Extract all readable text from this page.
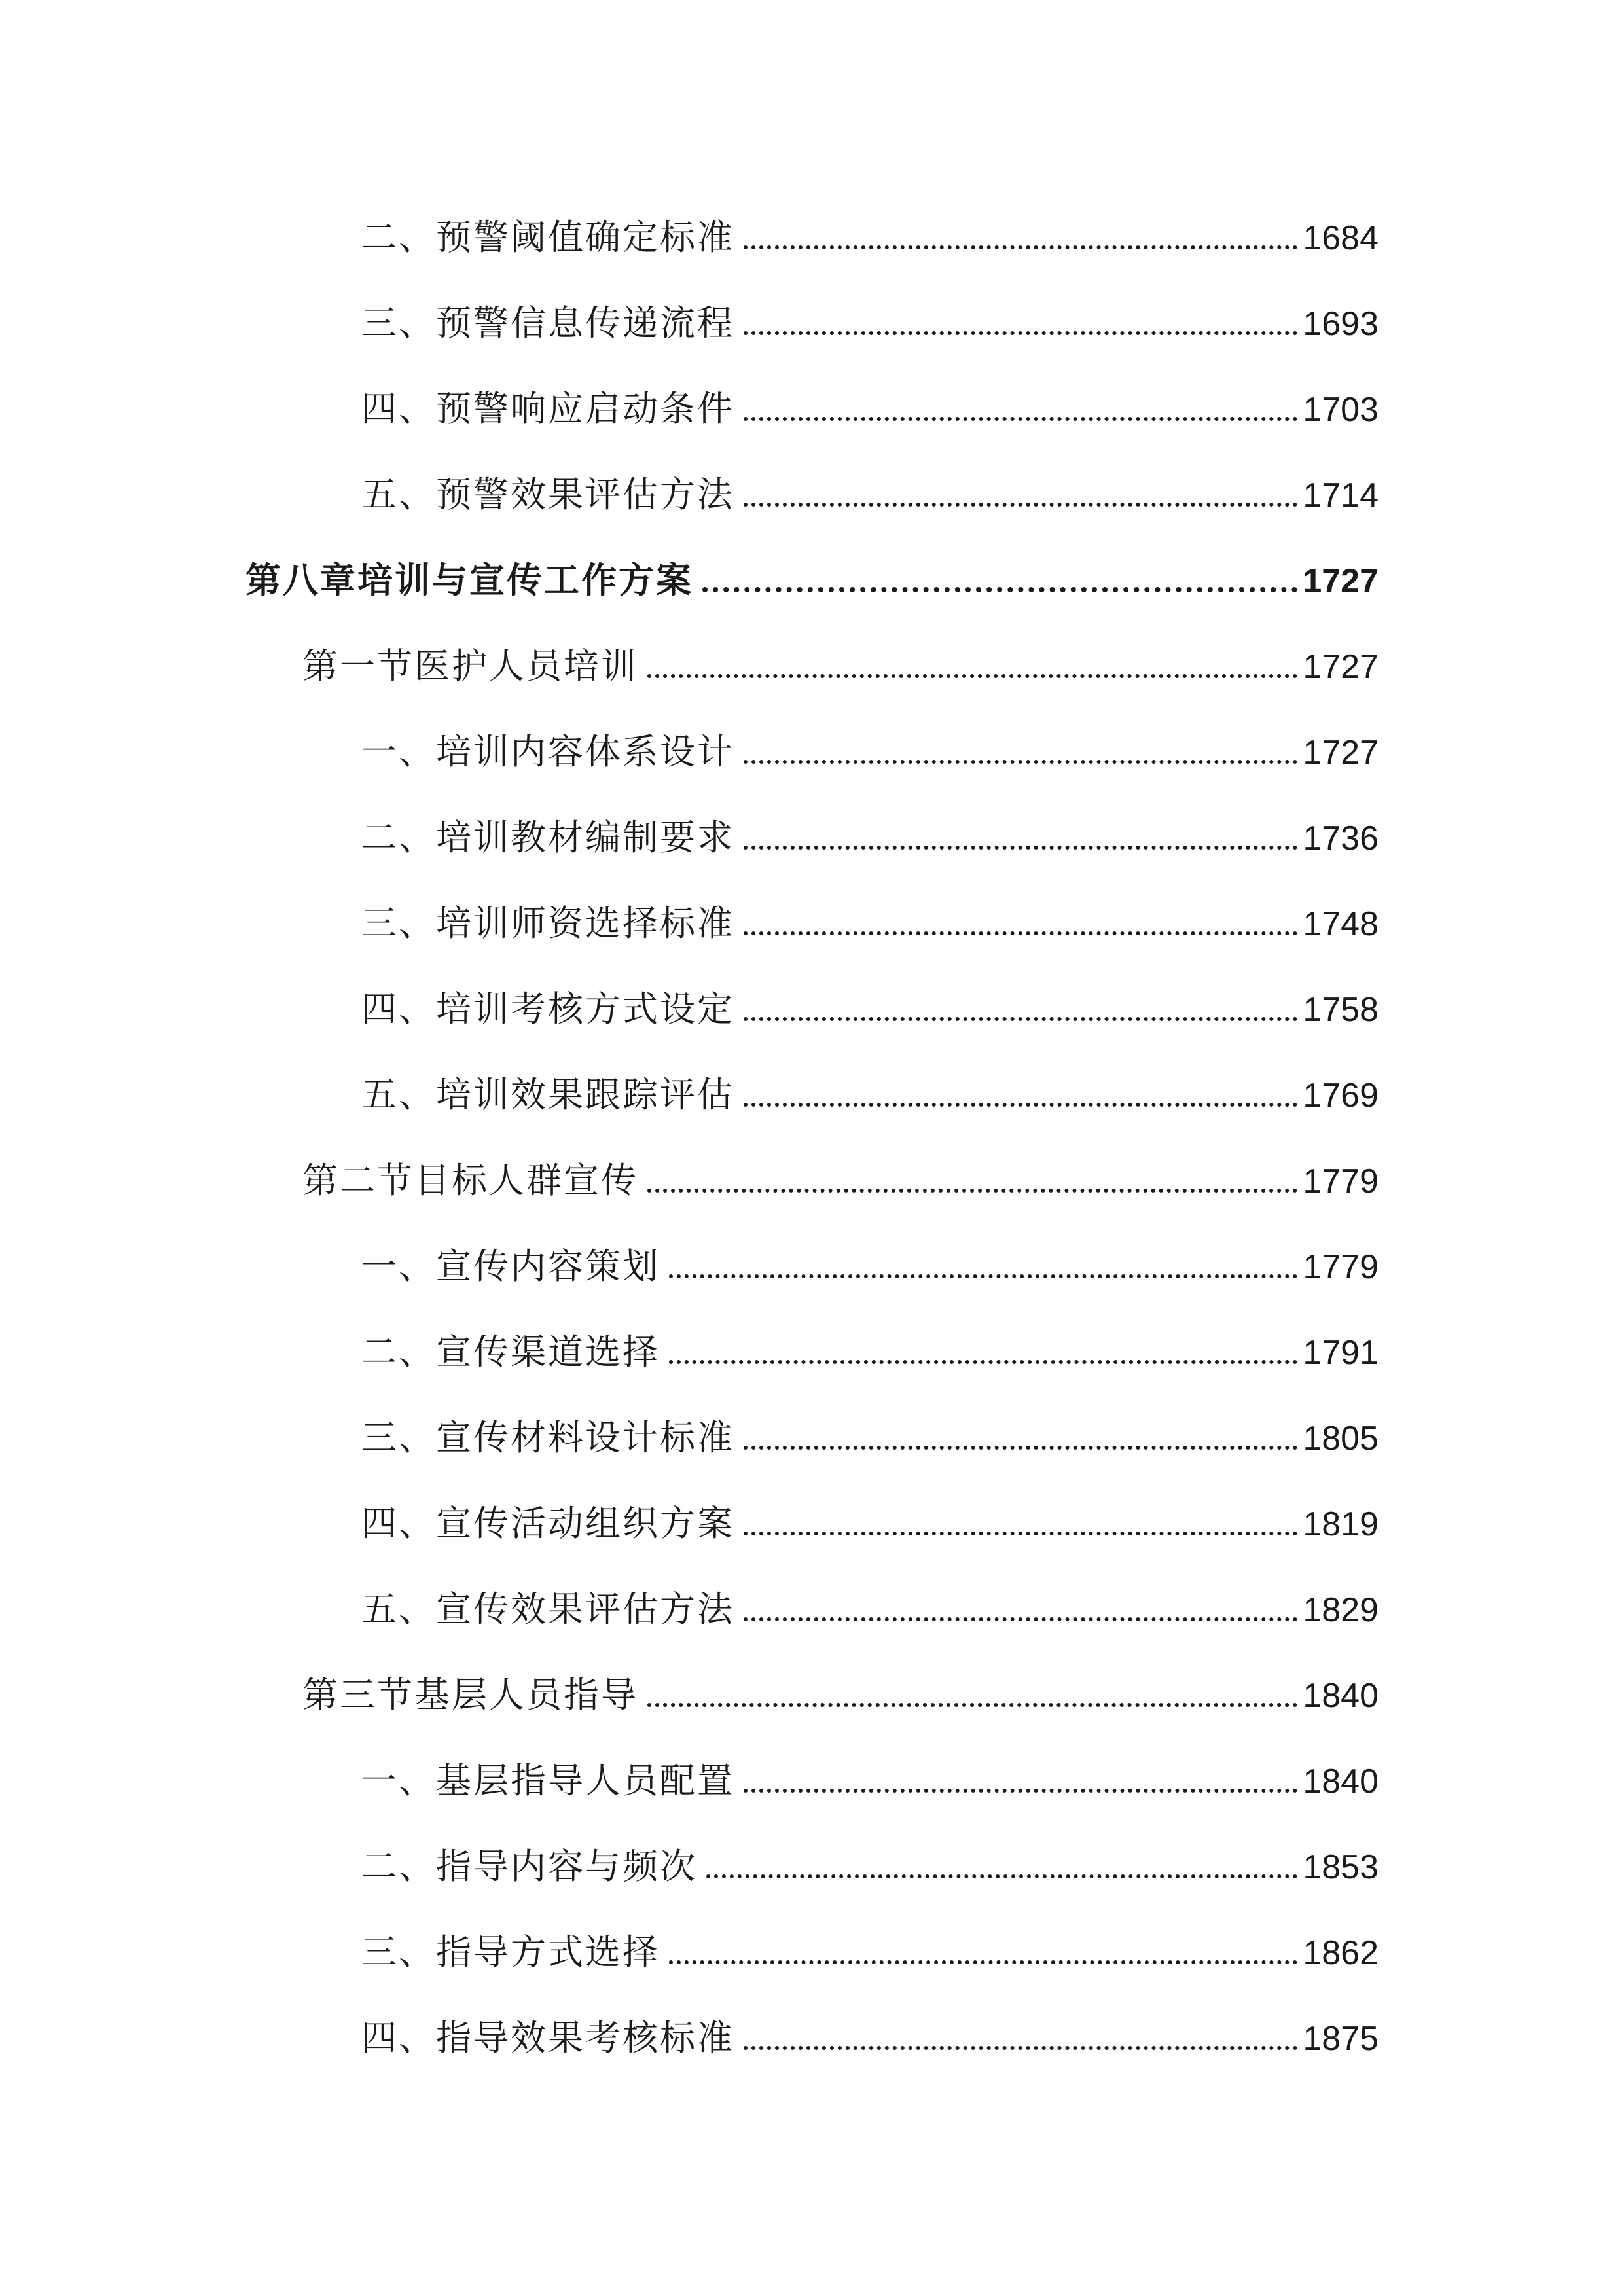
二、预警阈值确定标准	1684
三、预警信息传递流程	1693
四、预警响应启动条件	1703
五、预警效果评估方法	1714
第八章培训与宣传工作方案	1727
第一节医护人员培训	1727
一、培训内容体系设计	1727
二、培训教材编制要求	1736
三、培训师资选择标准	1748
四、培训考核方式设定	1758
五、培训效果跟踪评估	1769
第二节目标人群宣传	1779
一、宣传内容策划	1779
二、宣传渠道选择	1791
三、宣传材料设计标准	1805
四、宣传活动组织方案	1819
五、宣传效果评估方法	1829
第三节基层人员指导	1840
一、基层指导人员配置	1840
二、指导内容与频次	1853
三、指导方式选择	1862
四、指导效果考核标准	1875
